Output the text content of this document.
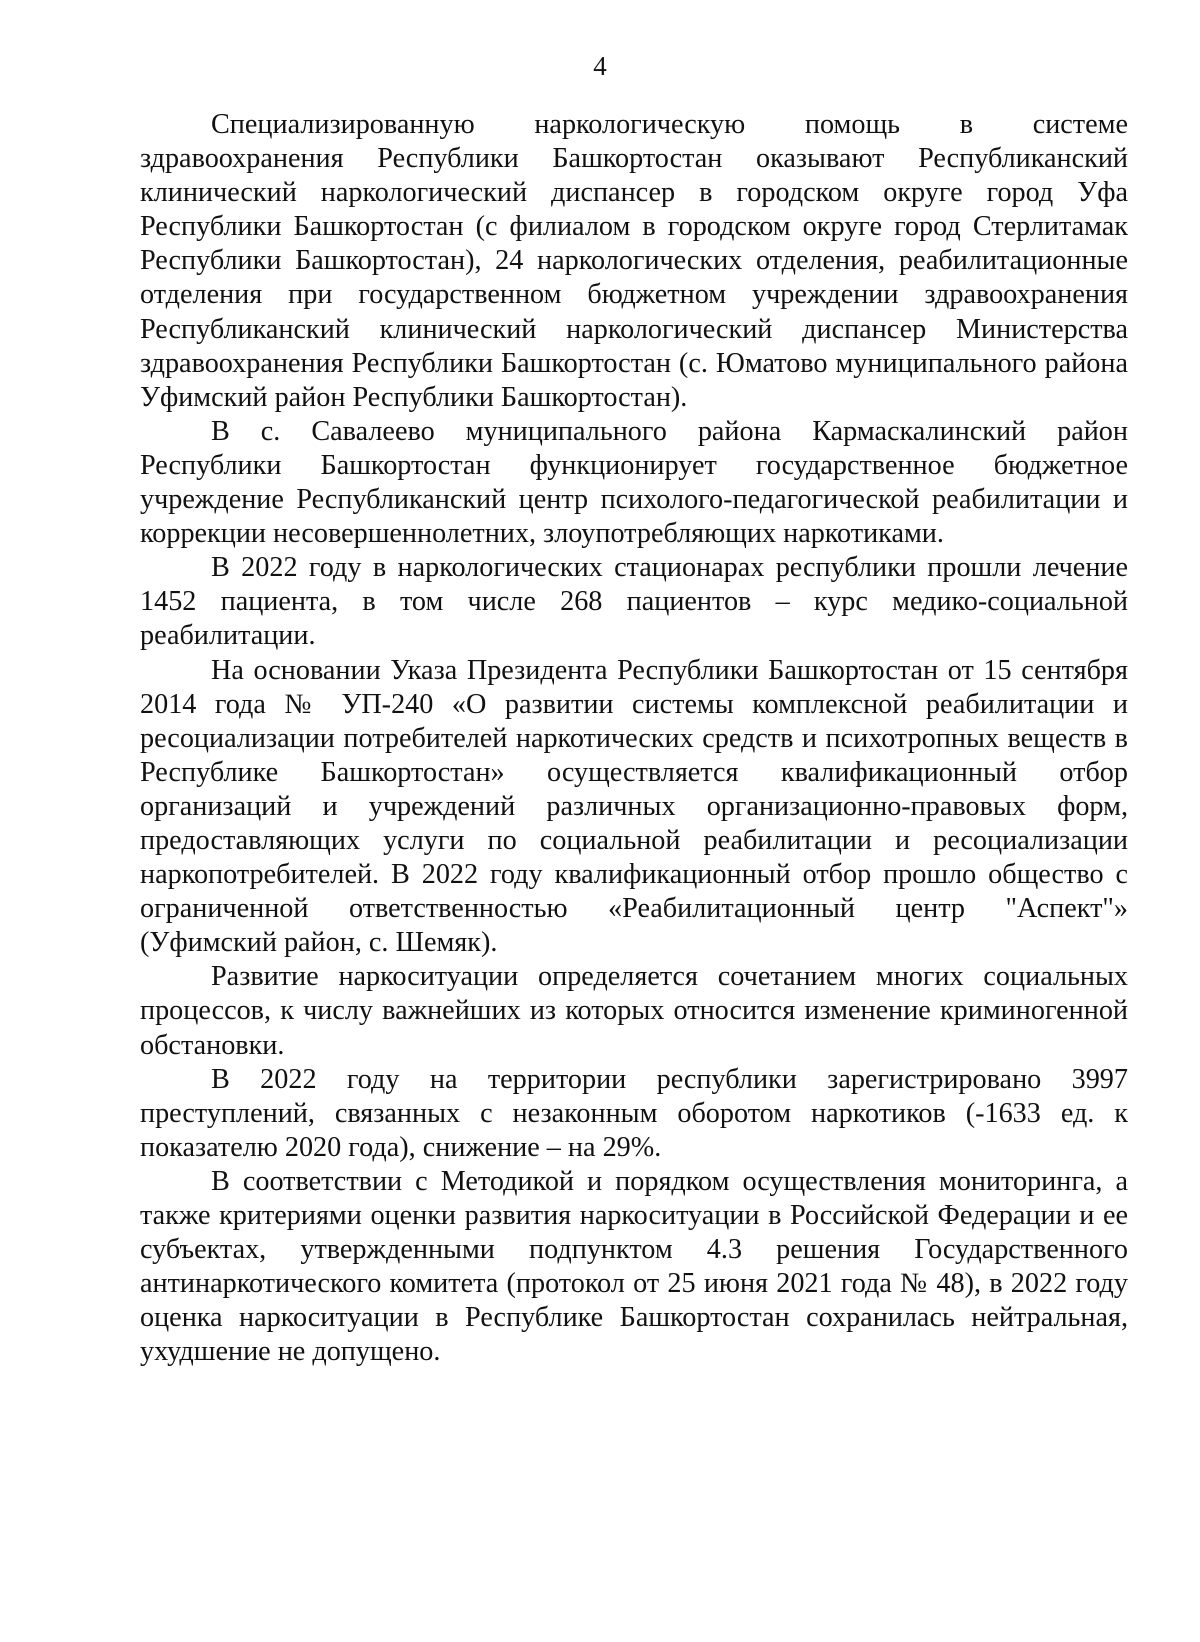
4

Специализированную наркологическую помощь в системе здравоохранения Республики Башкортостан оказывают Республиканский клинический наркологический диспансер в городском округе город Уфа Республики Башкортостан (с филиалом в городском округе город Стерлитамак Республики Башкортостан), 24 наркологических отделения, реабилитационные отделения при государственном бюджетном учреждении здравоохранения Республиканский клинический наркологический диспансер Министерства здравоохранения Республики Башкортостан (с. Юматово муниципального района Уфимский район Республики Башкортостан).

В с. Савалеево муниципального района Кармаскалинский район Республики Башкортостан функционирует государственное бюджетное учреждение Республиканский центр психолого-педагогической реабилитации и коррекции несовершеннолетних, злоупотребляющих наркотиками.

В 2022 году в наркологических стационарах республики прошли лечение 1452 пациента, в том числе 268 пациентов – курс медико-социальной реабилитации.

На основании Указа Президента Республики Башкортостан от 15 сентября 2014 года № УП-240 «О развитии системы комплексной реабилитации и ресоциализации потребителей наркотических средств и психотропных веществ в Республике Башкортостан» осуществляется квалификационный отбор организаций и учреждений различных организационно-правовых форм, предоставляющих услуги по социальной реабилитации и ресоциализации наркопотребителей. В 2022 году квалификационный отбор прошло общество с ограниченной ответственностью «Реабилитационный центр "Аспект"» (Уфимский район, с. Шемяк).

Развитие наркоситуации определяется сочетанием многих социальных процессов, к числу важнейших из которых относится изменение криминогенной обстановки.

В 2022 году на территории республики зарегистрировано 3997 преступлений, связанных с незаконным оборотом наркотиков (-1633 ед. к показателю 2020 года), снижение – на 29%.

В соответствии с Методикой и порядком осуществления мониторинга, а также критериями оценки развития наркоситуации в Российской Федерации и ее субъектах, утвержденными подпунктом 4.3 решения Государственного антинаркотического комитета (протокол от 25 июня 2021 года № 48), в 2022 году оценка наркоситуации в Республике Башкортостан сохранилась нейтральная, ухудшение не допущено.
